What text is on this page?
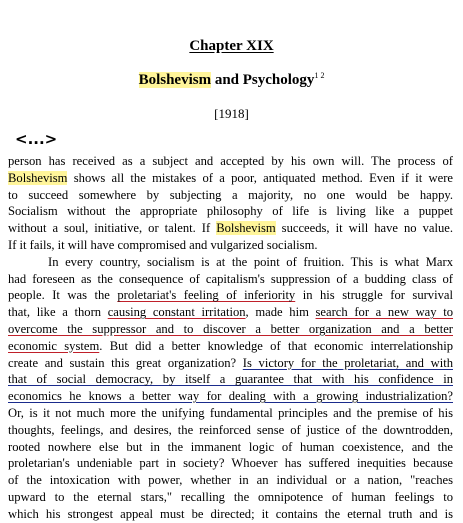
Chapter XIX
Bolshevism and Psychology$^{1 2}$
[1918]
<...>
person has received as a subject and accepted by his own will. The process of
Bolshevism shows all the mistakes of a poor, antiquated method. Even if it were
to succeed somewhere by subjecting a majority, no one would be happy.
Socialism without the appropriate philosophy of life is living like a puppet
without a soul, initiative, or talent. If Bolshevism succeeds, it will have no value.
If it fails, it will have compromised and vulgarized socialism.
In every country, socialism is at the point of fruition. This is what Marx
had foreseen as the consequence of capitalism's suppression of a budding class of
people. It was the proletariat's feeling of inferiority in his struggle for survival
that, like a thorn causing constant irritation, made him search for a new way to
overcome the suppressor and to discover a better organization and a better
economic system. But did a better knowledge of that economic interrelationship
create and sustain this great organization? Is victory for the proletariat, and with
that of social democracy, by itself a guarantee that with his confidence in
economics he knows a better way for dealing with a growing industrialization?
Or, is it not much more the unifying fundamental principles and the premise of his
thoughts, feelings, and desires, the reinforced sense of justice of the downtrodden,
rooted nowhere else but in the immanent logic of human coexistence, and the
proletarian's undeniable part in society? Whoever has suffered inequities because
of the intoxication with power, whether in an individual or a nation, "reaches
upward to the eternal stars," recalling the omnipotence of human feelings to
which his strongest appeal must be directed; it contains the eternal truth and is
